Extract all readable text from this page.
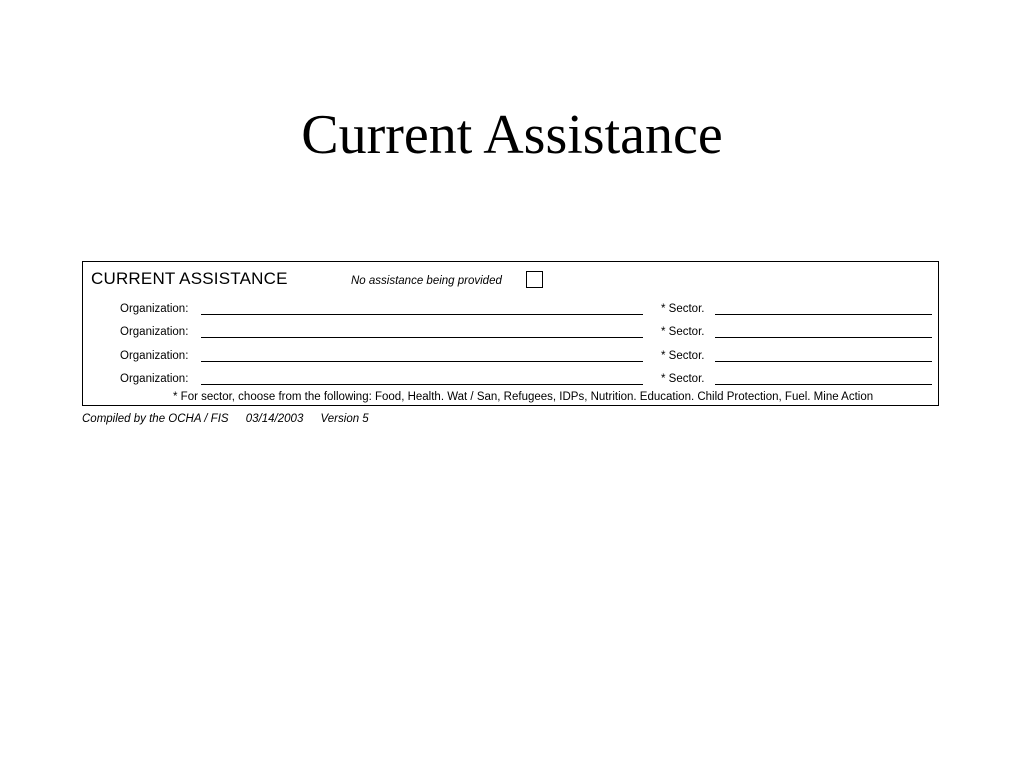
Current Assistance
CURRENT ASSISTANCE	No assistance being provided
Organization:	* Sector.
Organization:	* Sector.
Organization:	* Sector.
Organization:	* Sector.
* For sector, choose from the following: Food, Health. Wat / San, Refugees, IDPs, Nutrition. Education. Child Protection, Fuel. Mine Action
Compiled by the OCHA / FIS 03/14/2003 Version 5
